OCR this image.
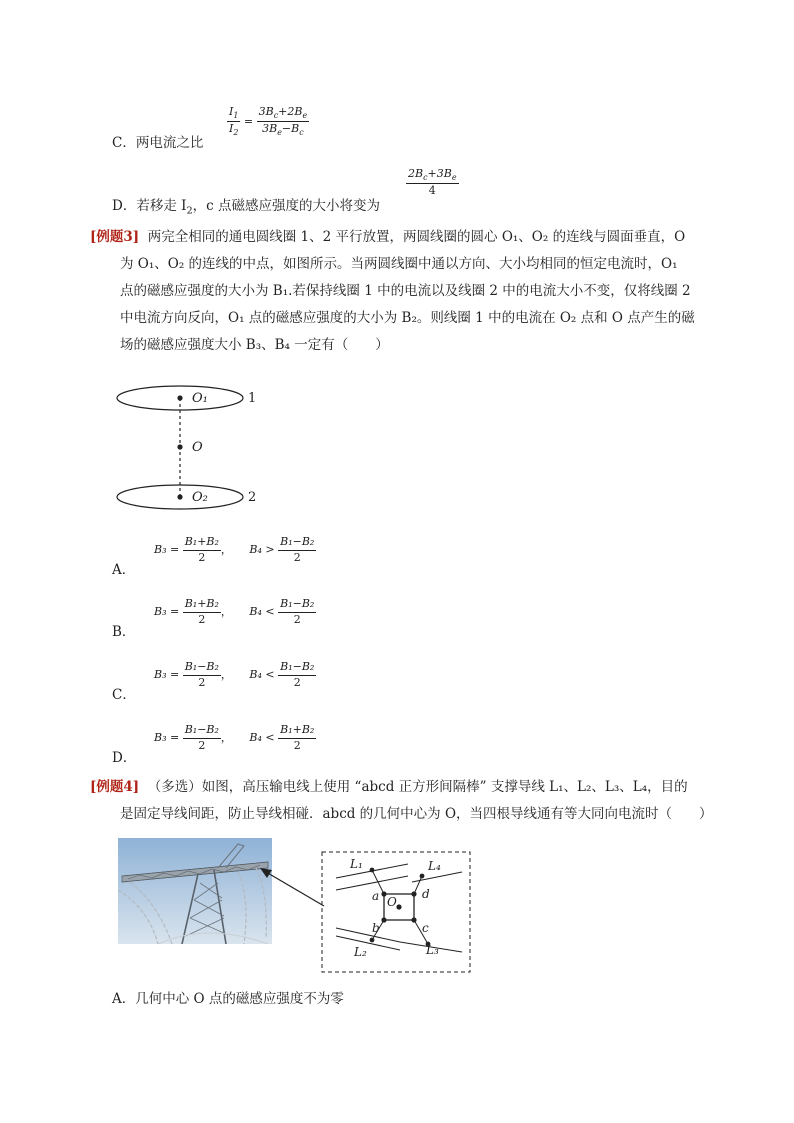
C．两电流之比
$\frac{I_1}{I_2} = \frac{3B_c+2B_e}{3B_e-B_c}$
D．若移走 $I_2$，c 点磁感应强度的大小将变为
$\frac{2B_c+3B_e}{4}$
[例题3] 两完全相同的通电圆线圈 1、2 平行放置，两圆线圈的圆心 O₁、O₂ 的连线与圆面垂直，O
为 O₁、O₂ 的连线的中点，如图所示。当两圆线圈中通以方向、大小均相同的恒定电流时，O₁
点的磁感应强度的大小为 B₁.若保持线圈 1 中的电流以及线圈 2 中的电流大小不变，仅将线圈 2
中电流方向反向，O₁ 点的磁感应强度的大小为 B₂。则线圈 1 中的电流在 O₂ 点和 O 点产生的磁
场的磁感应强度大小 B₃、B₄ 一定有（　　）
O₁
O
O₂
1
2
A．
$B_3 = \frac{\text{B₁+B₂}}{2}$ ， $B_4 > \frac{\text{B₁−B₂}}{2}$
B．
$B_3 = \frac{\text{B₁+B₂}}{2}$ ， $B_4 < \frac{\text{B₁−B₂}}{2}$
C．
$B_3 = \frac{\text{B₁−B₂}}{2}$ ， $B_4 < \frac{\text{B₁−B₂}}{2}$
D．
$B_3 = \frac{\text{B₁−B₂}}{2}$ ， $B_4 < \frac{\text{B₁+B₂}}{2}$
[例题4] （多选）如图，高压输电线上使用 “abcd 正方形间隔棒” 支撑导线 L₁、L₂、L₃、L₄，目的
是固定导线间距，防止导线相碰．abcd 的几何中心为 O，当四根导线通有等大同向电流时（　　）
L₁	L₄
L₂	L₃
a
b	c
d
O
A．几何中心 O 点的磁感应强度不为零
